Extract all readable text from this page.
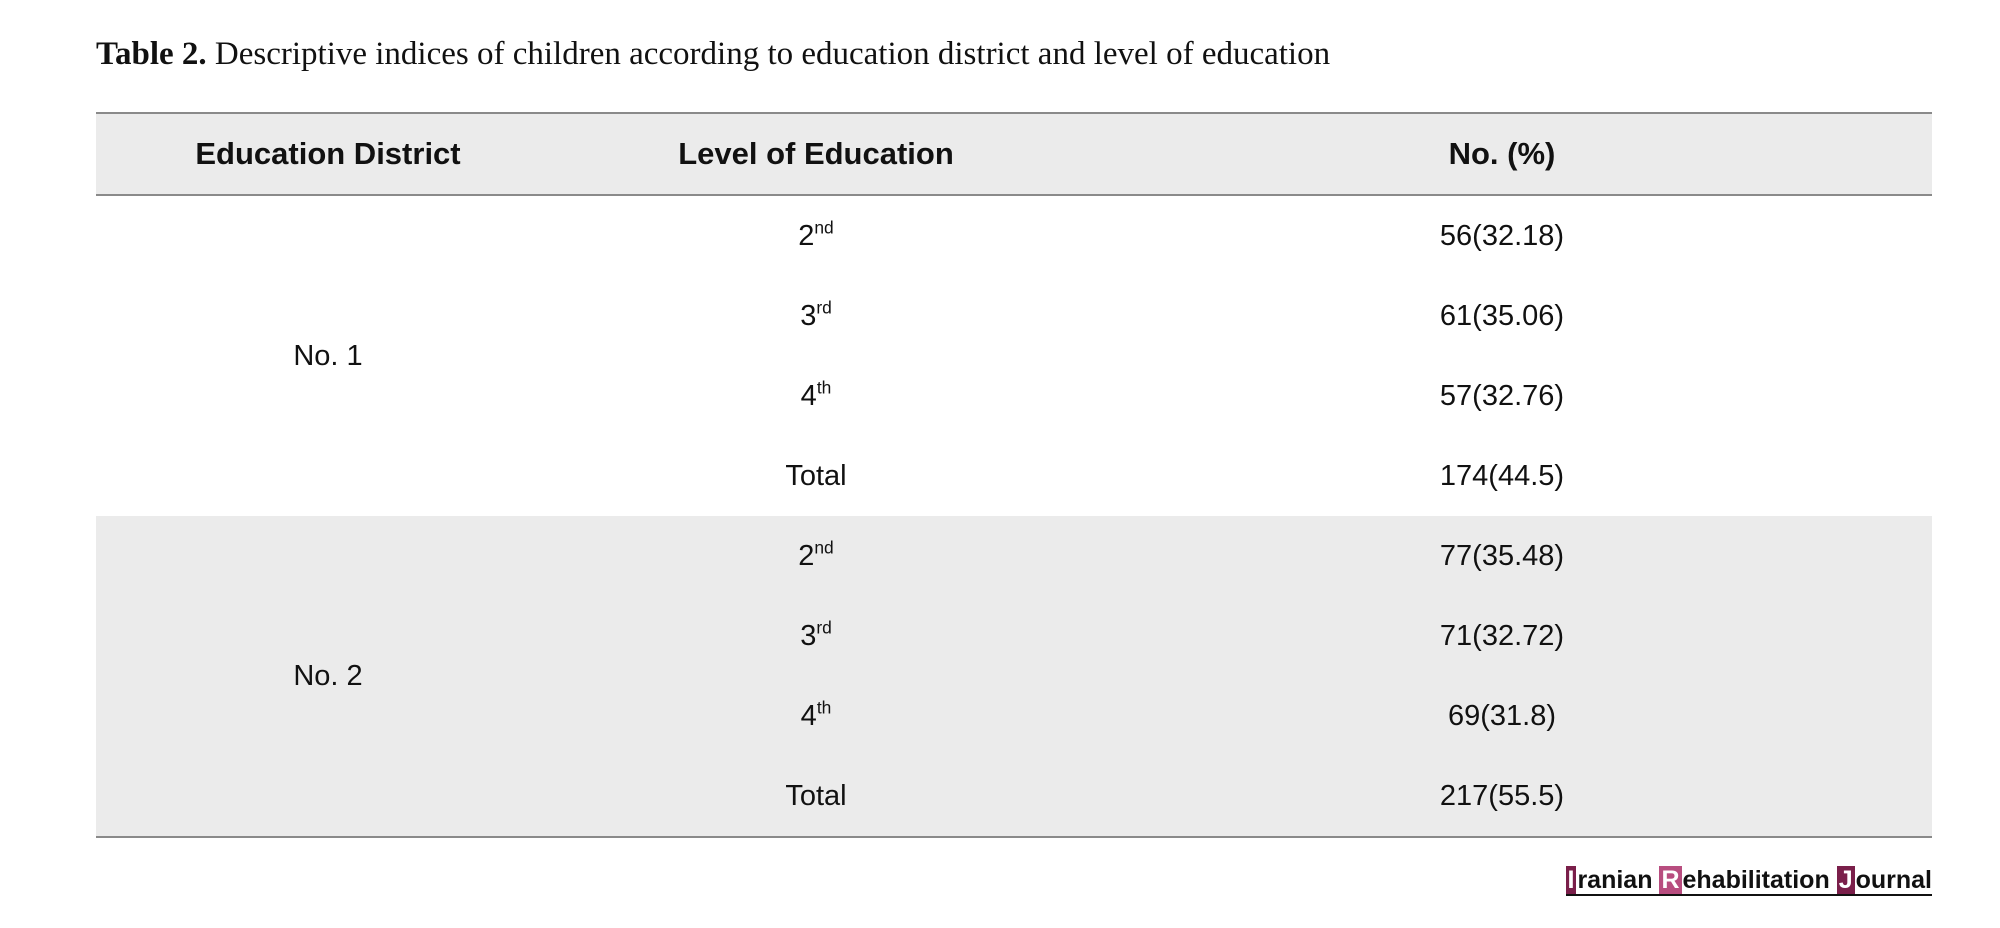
Table 2. Descriptive indices of children according to education district and level of education
Education District	Level of Education	No. (%)
No. 1	2nd	56(32.18)
	3rd	61(35.06)
	4th	57(32.76)
	Total	174(44.5)
No. 2	2nd	77(35.48)
	3rd	71(32.72)
	4th	69(31.8)
	Total	217(55.5)
I ranian R ehabilitation J ournal
